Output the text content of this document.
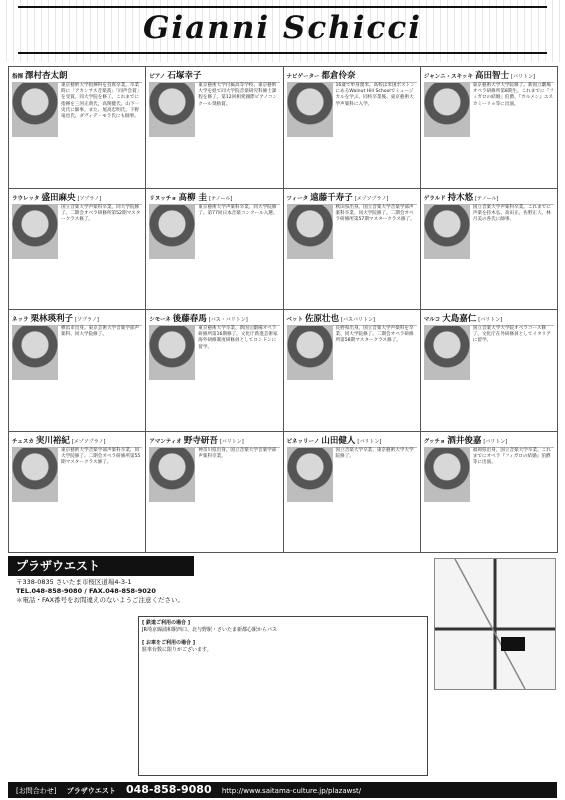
Gianni Schicci
指揮 澤村杏太朗

東京藝術大学指揮科を首席卒業。卒業時に「アカンサス音楽賞」「同声会賞」を受賞。同大学院を修了。これまでに指揮を三河正典氏、高関健氏、山下一史氏に師事。また、尾高忠明氏、下野竜也氏、ダヴィデ・モラ氏にも師事。

ピアノ 石塚幸子

東京藝術大学付属高等学校、東京藝術大学を経て同大学院音楽研究科修士課程を修了。第12回相愛國際ピアノコンクール奨励賞。

ナビゲーター 都倉伶奈

16歳で単身渡米。高校は米国ボストンにあるWalnut Hill Schoolでミュージカルを学ぶ。同校卒業後、東京藝術大学声楽科に入学。

ジャンニ・スキッキ 高田智士 [バリトン]

東京藝術大学大学院修了。新国立劇場オペラ研修所第8期生。これまでに『フィガロの結婚』伯爵、『カルメン』エスカミーリョ等に出演。

ラウレッタ 盛田麻央 [ソプラノ]

国立音楽大学声楽科卒業、同大学院修了。二期会オペラ研修所第52期マスタークラス修了。

リヌッチョ 髙柳 圭 [テノール]

東京藝術大学声楽科卒業、同大学院修了。第77回日本音楽コンクール入選。

ツィータ 遠藤千寿子 [メゾソプラノ]

秋田県出身。国立音楽大学音楽学部声楽科卒業、同大学院修了。二期会オペラ研修所第57期マスタークラス修了。

ゲラルド 持木悠 [テノール]

国立音楽大学声楽科卒業。これまでに声楽を持木弘、高田正、佐野正人、林月美の各氏に師事。

ネッラ 栗林瑛利子 [ソプラノ]

横浜市出身。東京芸術大学音楽学部声楽科、同大学院修了。

シモーネ 後藤春馬 [バス・バリトン]

東京藝術大学卒業、新国立劇場オペラ研修所第16期修了。文化庁新進芸術家海外研修制度研修員としてロンドンに留学。

ベット 佐原壮也 [バスバリトン]

長野県出身。国立音楽大学声楽科を卒業、同大学院修了。二期会オペラ研修所第58期マスタークラス修了。

マルコ 大島嘉仁 [バリトン]

国立音楽大学大学院オペラコース修了。文化庁在外研修員としてイタリアに留学。

チェスカ 実川裕紀 [メゾソプラノ]

東京藝術大学音楽学部声楽科卒業、同大学院修了。二期会オペラ研修所第55期マスタークラス修了。

アマンティオ 野寺研吾 [バリトン]

神奈川県出身。国立音楽大学音楽学部声楽科卒業。

ピネッリーノ 山田健人 [バリトン]

国立音楽大学卒業、東京藝術大学大学院修了。

グッチョ 酒井俊嘉 [バリトン]

福岡県出身。国立音楽大学卒業。これまでにオペラ『フィガロの結婚』伯爵等に出演。

プラザウエスト
〒338-0835 さいたま市桜区道場4-3-1
TEL.048-858-9080 / FAX.048-858-9020
＊電話・FAX番号をお間違えのないようご注意ください。
[ 鉄道ご利用の場合 ]
JR埼京線浦和駅西口、北与野駅・さいたま新都心駅からバス
[ お車をご利用の場合 ]
駐車台数に限りがございます。
[お問合わせ] プラザウエスト 048-858-9080 http://www.saitama-culture.jp/plazawst/
